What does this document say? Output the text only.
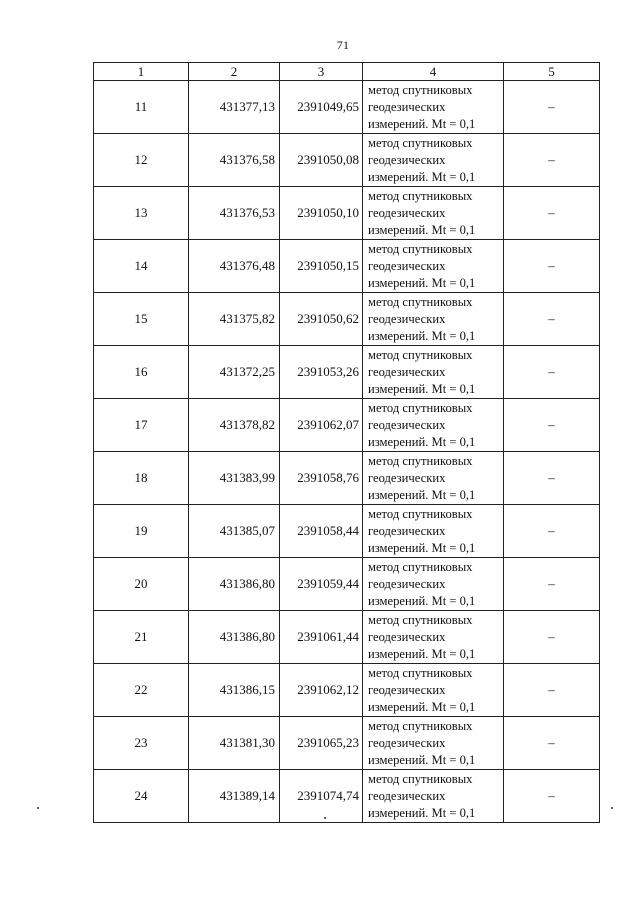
71
1	2	3	4	5
11	431377,13	2391049,65	метод спутниковых
геодезических
измерений. Mt = 0,1	–
12	431376,58	2391050,08	метод спутниковых
геодезических
измерений. Mt = 0,1	–
13	431376,53	2391050,10	метод спутниковых
геодезических
измерений. Mt = 0,1	–
14	431376,48	2391050,15	метод спутниковых
геодезических
измерений. Mt = 0,1	–
15	431375,82	2391050,62	метод спутниковых
геодезических
измерений. Mt = 0,1	–
16	431372,25	2391053,26	метод спутниковых
геодезических
измерений. Mt = 0,1	–
17	431378,82	2391062,07	метод спутниковых
геодезических
измерений. Mt = 0,1	–
18	431383,99	2391058,76	метод спутниковых
геодезических
измерений. Mt = 0,1	–
19	431385,07	2391058,44	метод спутниковых
геодезических
измерений. Mt = 0,1	–
20	431386,80	2391059,44	метод спутниковых
геодезических
измерений. Mt = 0,1	–
21	431386,80	2391061,44	метод спутниковых
геодезических
измерений. Mt = 0,1	–
22	431386,15	2391062,12	метод спутниковых
геодезических
измерений. Mt = 0,1	–
23	431381,30	2391065,23	метод спутниковых
геодезических
измерений. Mt = 0,1	–
24	431389,14	2391074,74	метод спутниковых
геодезических
измерений. Mt = 0,1	–
